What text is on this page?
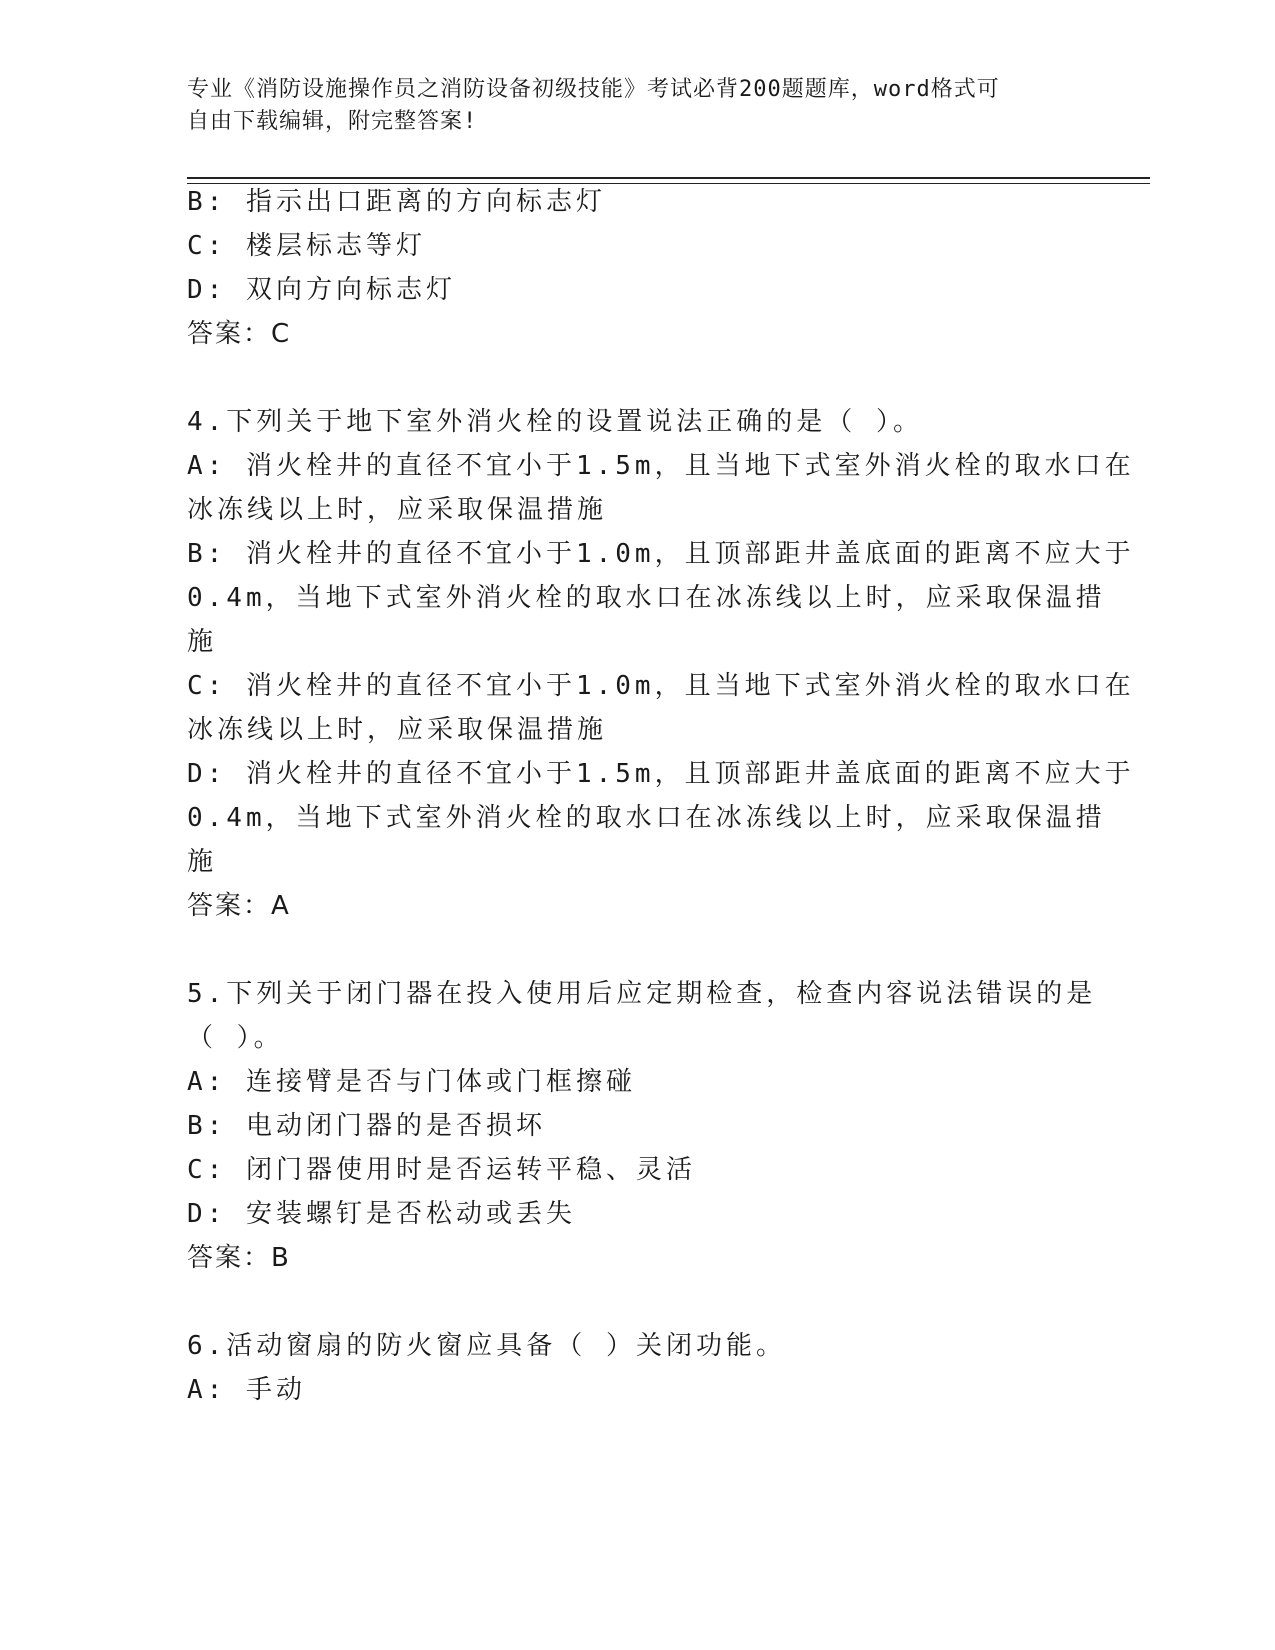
专业《消防设施操作员之消防设备初级技能》考试必背200题题库，word格式可
自由下载编辑，附完整答案!

B: 指示出口距离的方向标志灯

C: 楼层标志等灯

D: 双向方向标志灯

答案：C

4.下列关于地下室外消火栓的设置说法正确的是（ ）。

A: 消火栓井的直径不宜小于1.5m，且当地下式室外消火栓的取水口在

冰冻线以上时，应采取保温措施

B: 消火栓井的直径不宜小于1.0m，且顶部距井盖底面的距离不应大于

0.4m，当地下式室外消火栓的取水口在冰冻线以上时，应采取保温措

施

C: 消火栓井的直径不宜小于1.0m，且当地下式室外消火栓的取水口在

冰冻线以上时，应采取保温措施

D: 消火栓井的直径不宜小于1.5m，且顶部距井盖底面的距离不应大于

0.4m，当地下式室外消火栓的取水口在冰冻线以上时，应采取保温措

施

答案：A

5.下列关于闭门器在投入使用后应定期检查，检查内容说法错误的是

（ ）。

A: 连接臂是否与门体或门框擦碰

B: 电动闭门器的是否损坏

C: 闭门器使用时是否运转平稳、灵活

D: 安装螺钉是否松动或丢失

答案：B

6.活动窗扇的防火窗应具备（ ）关闭功能。

A: 手动
